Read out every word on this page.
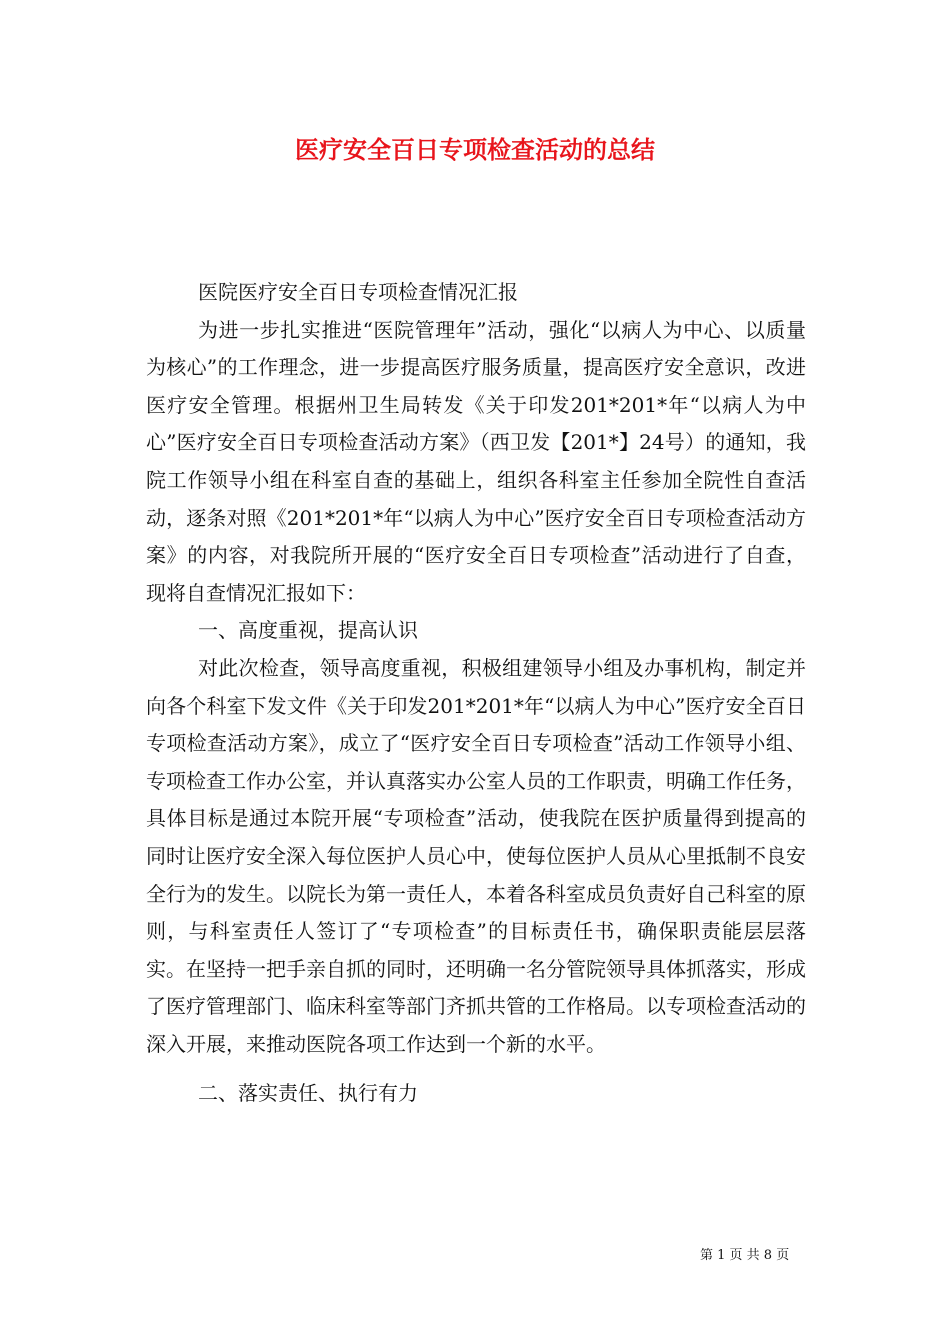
医疗安全百日专项检查活动的总结

医院医疗安全百日专项检查情况汇报

为进一步扎实推进“医院管理年”活动，强化“以病人为中心、以质量为核心”的工作理念，进一步提高医疗服务质量，提高医疗安全意识，改进医疗安全管理。根据州卫生局转发《关于印发201*201*年“以病人为中心”医疗安全百日专项检查活动方案》（西卫发【201*】24号）的通知，我院工作领导小组在科室自查的基础上，组织各科室主任参加全院性自查活动，逐条对照《201*201*年“以病人为中心”医疗安全百日专项检查活动方案》的内容，对我院所开展的“医疗安全百日专项检查”活动进行了自查，现将自查情况汇报如下：

一、高度重视，提高认识

对此次检查，领导高度重视，积极组建领导小组及办事机构，制定并向各个科室下发文件《关于印发201*201*年“以病人为中心”医疗安全百日专项检查活动方案》，成立了“医疗安全百日专项检查”活动工作领导小组、专项检查工作办公室，并认真落实办公室人员的工作职责，明确工作任务，具体目标是通过本院开展“专项检查”活动，使我院在医护质量得到提高的同时让医疗安全深入每位医护人员心中，使每位医护人员从心里抵制不良安全行为的发生。以院长为第一责任人，本着各科室成员负责好自己科室的原则，与科室责任人签订了“专项检查”的目标责任书，确保职责能层层落实。在坚持一把手亲自抓的同时，还明确一名分管院领导具体抓落实，形成了医疗管理部门、临床科室等部门齐抓共管的工作格局。以专项检查活动的深入开展，来推动医院各项工作达到一个新的水平。

二、落实责任、执行有力

第 1 页 共 8 页
